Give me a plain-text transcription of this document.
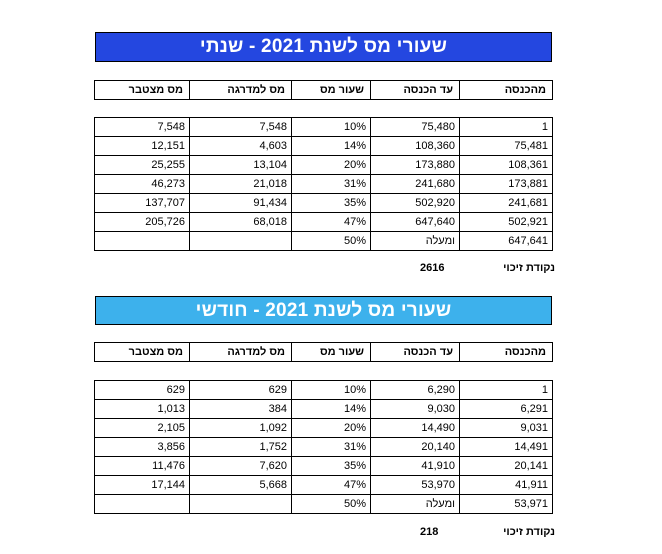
שעורי מס לשנת 2021 - שנתי
מס מצטבר	מס למדרגה	שעור מס	עד הכנסה	מהכנסה
7,548	7,548	10%	75,480	1
12,151	4,603	14%	108,360	75,481
25,255	13,104	20%	173,880	108,361
46,273	21,018	31%	241,680	173,881
137,707	91,434	35%	502,920	241,681
205,726	68,018	47%	647,640	502,921
		50%	ומעלה	647,641
2616	נקודת זיכוי
שעורי מס לשנת 2021 - חודשי
מס מצטבר	מס למדרגה	שעור מס	עד הכנסה	מהכנסה
629	629	10%	6,290	1
1,013	384	14%	9,030	6,291
2,105	1,092	20%	14,490	9,031
3,856	1,752	31%	20,140	14,491
11,476	7,620	35%	41,910	20,141
17,144	5,668	47%	53,970	41,911
		50%	ומעלה	53,971
218	נקודת זיכוי
